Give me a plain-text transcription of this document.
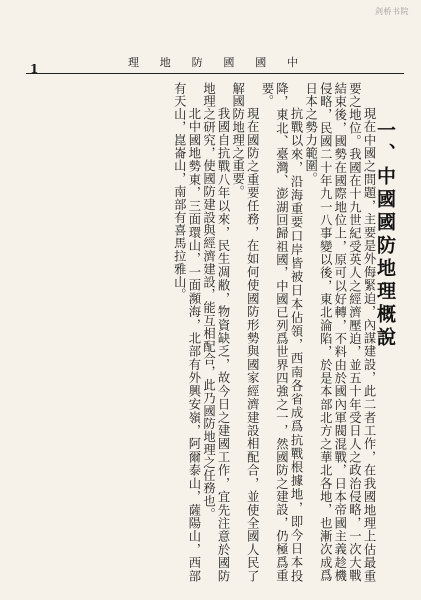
剑桥书院
1	理 地 防 國 國 中
一、中國國防地理概說

現在中國之問題，主要是外侮緊迫，內謀建設，此二者工作，在我國地理上估最重要之地位。我國在十九世紀受英人之經濟壓迫，並五十年受日人之政治侵略，一次大戰結束後，國勢在國際地位上，原可以好轉，不料由於國內軍閥混戰，日本帝國主義趁機侵略，民國二十年九一八事變以後，東北淪陷，於是本部北方之華北各地，也漸次成爲日本之勢力範圍。

抗戰以來，沿海重要口岸皆被日本佔領，西南各省成爲抗戰根據地，即今日本投降，東北、臺灣、澎湖回歸祖國，中國已列爲世界四強之一，然國防之建設，仍極爲重要。

現在國防之重要任務，在如何使國防形勢與國家經濟建設相配合，並使全國人民了解國防地理之重要。

我國自抗戰八年以來，民生凋敝，物資缺乏，故今日之建國工作，宜先注意於國防地理之研究，使國防建設與經濟建設，能互相配合，此乃國防地理之任務也。

北中國地勢東，三面環山，一面瀕海，北部有外興安嶺，阿爾泰山，薩陽山，西部有天山，崑崙山，南部有喜馬拉雅山。
